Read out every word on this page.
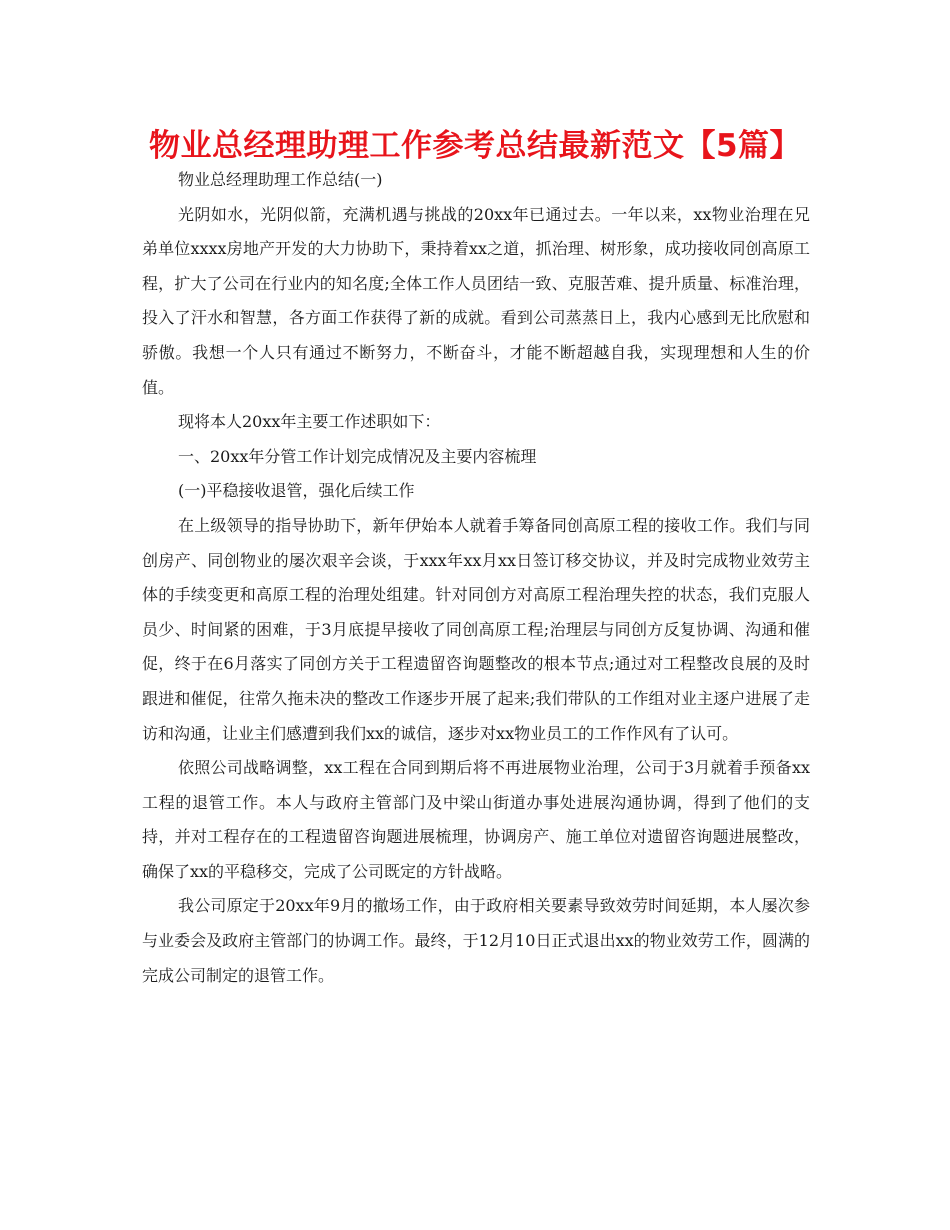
物业总经理助理工作参考总结最新范文【5篇】

物业总经理助理工作总结(一)

光阴如水，光阴似箭，充满机遇与挑战的20xx年已通过去。一年以来，xx物业治理在兄弟单位xxxx房地产开发的大力协助下，秉持着xx之道，抓治理、树形象，成功接收同创高原工程，扩大了公司在行业内的知名度;全体工作人员团结一致、克服苦难、提升质量、标准治理，投入了汗水和智慧，各方面工作获得了新的成就。看到公司蒸蒸日上，我内心感到无比欣慰和骄傲。我想一个人只有通过不断努力，不断奋斗，才能不断超越自我，实现理想和人生的价值。

现将本人20xx年主要工作述职如下：

一、20xx年分管工作计划完成情况及主要内容梳理

(一)平稳接收退管，强化后续工作

在上级领导的指导协助下，新年伊始本人就着手筹备同创高原工程的接收工作。我们与同创房产、同创物业的屡次艰辛会谈，于xxx年xx月xx日签订移交协议，并及时完成物业效劳主体的手续变更和高原工程的治理处组建。针对同创方对高原工程治理失控的状态，我们克服人员少、时间紧的困难，于3月底提早接收了同创高原工程;治理层与同创方反复协调、沟通和催促，终于在6月落实了同创方关于工程遗留咨询题整改的根本节点;通过对工程整改良展的及时跟进和催促，往常久拖未决的整改工作逐步开展了起来;我们带队的工作组对业主逐户进展了走访和沟通，让业主们感遭到我们xx的诚信，逐步对xx物业员工的工作作风有了认可。

依照公司战略调整，xx工程在合同到期后将不再进展物业治理，公司于3月就着手预备xx工程的退管工作。本人与政府主管部门及中梁山街道办事处进展沟通协调，得到了他们的支持，并对工程存在的工程遗留咨询题进展梳理，协调房产、施工单位对遗留咨询题进展整改，确保了xx的平稳移交，完成了公司既定的方针战略。

我公司原定于20xx年9月的撤场工作，由于政府相关要素导致效劳时间延期，本人屡次参与业委会及政府主管部门的协调工作。最终，于12月10日正式退出xx的物业效劳工作，圆满的完成公司制定的退管工作。
